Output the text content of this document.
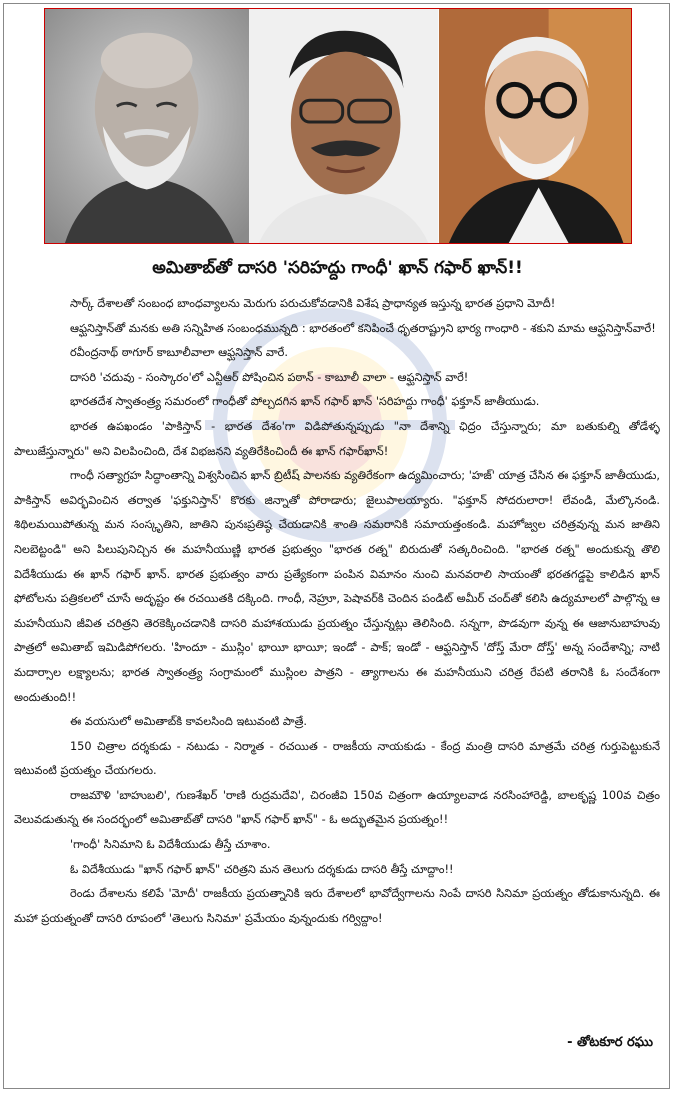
అమితాబ్‌తో దాసరి 'సరిహద్దు గాంధీ' ఖాన్ గఫార్ ఖాన్!!

సార్క్ దేశాలతో సంబంధ బాంధవ్యాలను మెరుగు పరుచుకోవడానికి విశేష ప్రాధాన్యత ఇస్తున్న భారత ప్రధాని మోదీ!

ఆఫ్ఘనిస్తాన్‌తో మనకు అతి సన్నిహిత సంబంధమున్నది : భారతంలో కనిపించే ధృతరాష్ట్రుని భార్య గాంధారి - శకుని మామ ఆఫ్ఘనిస్తాన్‌వారే!

రవీంద్రనాథ్ ఠాగూర్ కాబూలీవాలా ఆఫ్ఘనిస్తాన్ వారే.

దాసరి 'చదువు - సంస్కారం'లో ఎన్టీఆర్ పోషించిన పఠాన్ - కాబూలీ వాలా - ఆఫ్ఘనిస్తాన్ వారే!

భారతదేశ స్వాతంత్ర్య సమరంలో గాంధీతో పోల్చదగిన ఖాన్ గఫార్ ఖాన్ 'సరిహద్దు గాంధీ' ఫక్తూన్ జాతీయుడు.

భారత ఉపఖండం 'పాకిస్తాన్ - భారత దేశం'గా విడిపోతున్నప్పుడు "నా దేశాన్ని ఛిద్రం చేస్తున్నారు; మా బతుకుల్ని తోడేళ్ళ పాలుజేస్తున్నారు" అని విలపించింది, దేశ విభజనని వ్యతిరేకించిందీ ఈ ఖాన్ గఫార్‌ఖాన్!

గాంధీ సత్యాగ్రహ సిద్ధాంతాన్ని విశ్వసించిన ఖాన్ బ్రిటీష్ పాలనకు వ్యతిరేకంగా ఉద్యమించారు; 'హజ్' యాత్ర చేసిన ఈ ఫక్తూన్ జాతీయుడు, పాకిస్తాన్ అవిర్భవించిన తర్వాత 'ఫక్తునిస్తాన్' కొరకు జిన్నాతో పోరాడారు; జైలుపాలయ్యారు. "ఫక్తూన్ సోదరులారా! లేవండి, మేల్కొనండి. శిథిలమయిపోతున్న మన సంస్కృతిని, జాతిని పునఃప్రతిష్ఠ చేయడానికి శాంతి సమరానికి సమాయత్తంకండి. మహోజ్వల చరిత్రవున్న మన జాతిని నిలబెట్టండి" అని పిలుపునిచ్చిన ఈ మహనీయుణ్ణి భారత ప్రభుత్వం "భారత రత్న" బిరుదుతో సత్కరించింది. "భారత రత్న" అందుకున్న తొలి విదేశీయుడు ఈ ఖాన్ గఫార్ ఖాన్. భారత ప్రభుత్వం వారు ప్రత్యేకంగా పంపిన విమానం నుంచి మనవరాలి సాయంతో భరతగడ్డపై కాలిడిన ఖాన్ ఫోటోలను పత్రికలలో చూసే అదృష్టం ఈ రచయితకి దక్కింది. గాంధీ, నెహ్రూ, పెషావర్‌కి చెందిన పండిట్ అమీర్ చంద్‌తో కలిసి ఉద్యమాలలో పాల్గొన్న ఆ మహనీయుని జీవిత చరిత్రని తెరకెక్కించడానికి దాసరి మహాశయుడు ప్రయత్నం చేస్తున్నట్లు తెలిసింది. సన్నగా, పొడవుగా వున్న ఈ ఆజానుబాహువు పాత్రలో అమితాబ్ ఇమిడిపోగలరు. 'హిందూ - ముస్లిం' భాయీ భాయీ; ఇండో - పాక్; ఇండో - ఆఫ్ఘనిస్తాన్ 'దోస్త్ మేరా దోస్త్' అన్న సందేశాన్ని; నాటి మదార్సాల లక్ష్యాలను; భారత స్వాతంత్ర్య సంగ్రామంలో ముస్లింల పాత్రని - త్యాగాలను ఈ మహనీయుని చరిత్ర రేపటి తరానికి ఓ సందేశంగా అందుతుంది!!

ఈ వయసులో అమితాబ్‌కి కావలసింది ఇటువంటి పాత్రే.

150 చిత్రాల దర్శకుడు - నటుడు - నిర్మాత - రచయిత - రాజకీయ నాయకుడు - కేంద్ర మంత్రి దాసరి మాత్రమే చరిత్ర గుర్తుపెట్టుకునే ఇటువంటి ప్రయత్నం చేయగలరు.

రాజమౌళి 'బాహుబలి', గుణశేఖర్ 'రాణి రుద్రమదేవి', చిరంజీవి 150వ చిత్రంగా ఉయ్యాలవాడ నరసింహారెడ్డి, బాలకృష్ణ 100వ చిత్రం వెలువడుతున్న ఈ సందర్భంలో అమితాబ్‌తో దాసరి "ఖాన్ గఫార్ ఖాన్" - ఓ అద్భుతమైన ప్రయత్నం!!

'గాంధీ' సినిమాని ఓ విదేశీయుడు తీస్తే చూశాం.

ఓ విదేశీయుడు "ఖాన్ గఫార్ ఖాన్" చరిత్రని మన తెలుగు దర్శకుడు దాసరి తీస్తే చూద్దాం!!

రెండు దేశాలను కలిపే 'మోదీ' రాజకీయ ప్రయత్నానికి ఇరు దేశాలలో భావోద్వేగాలను నింపే దాసరి సినిమా ప్రయత్నం తోడుకానున్నది. ఈ మహా ప్రయత్నంతో దాసరి రూపంలో 'తెలుగు సినిమా' ప్రమేయం వున్నందుకు గర్విద్దాం!

- తోటకూర రఘు
